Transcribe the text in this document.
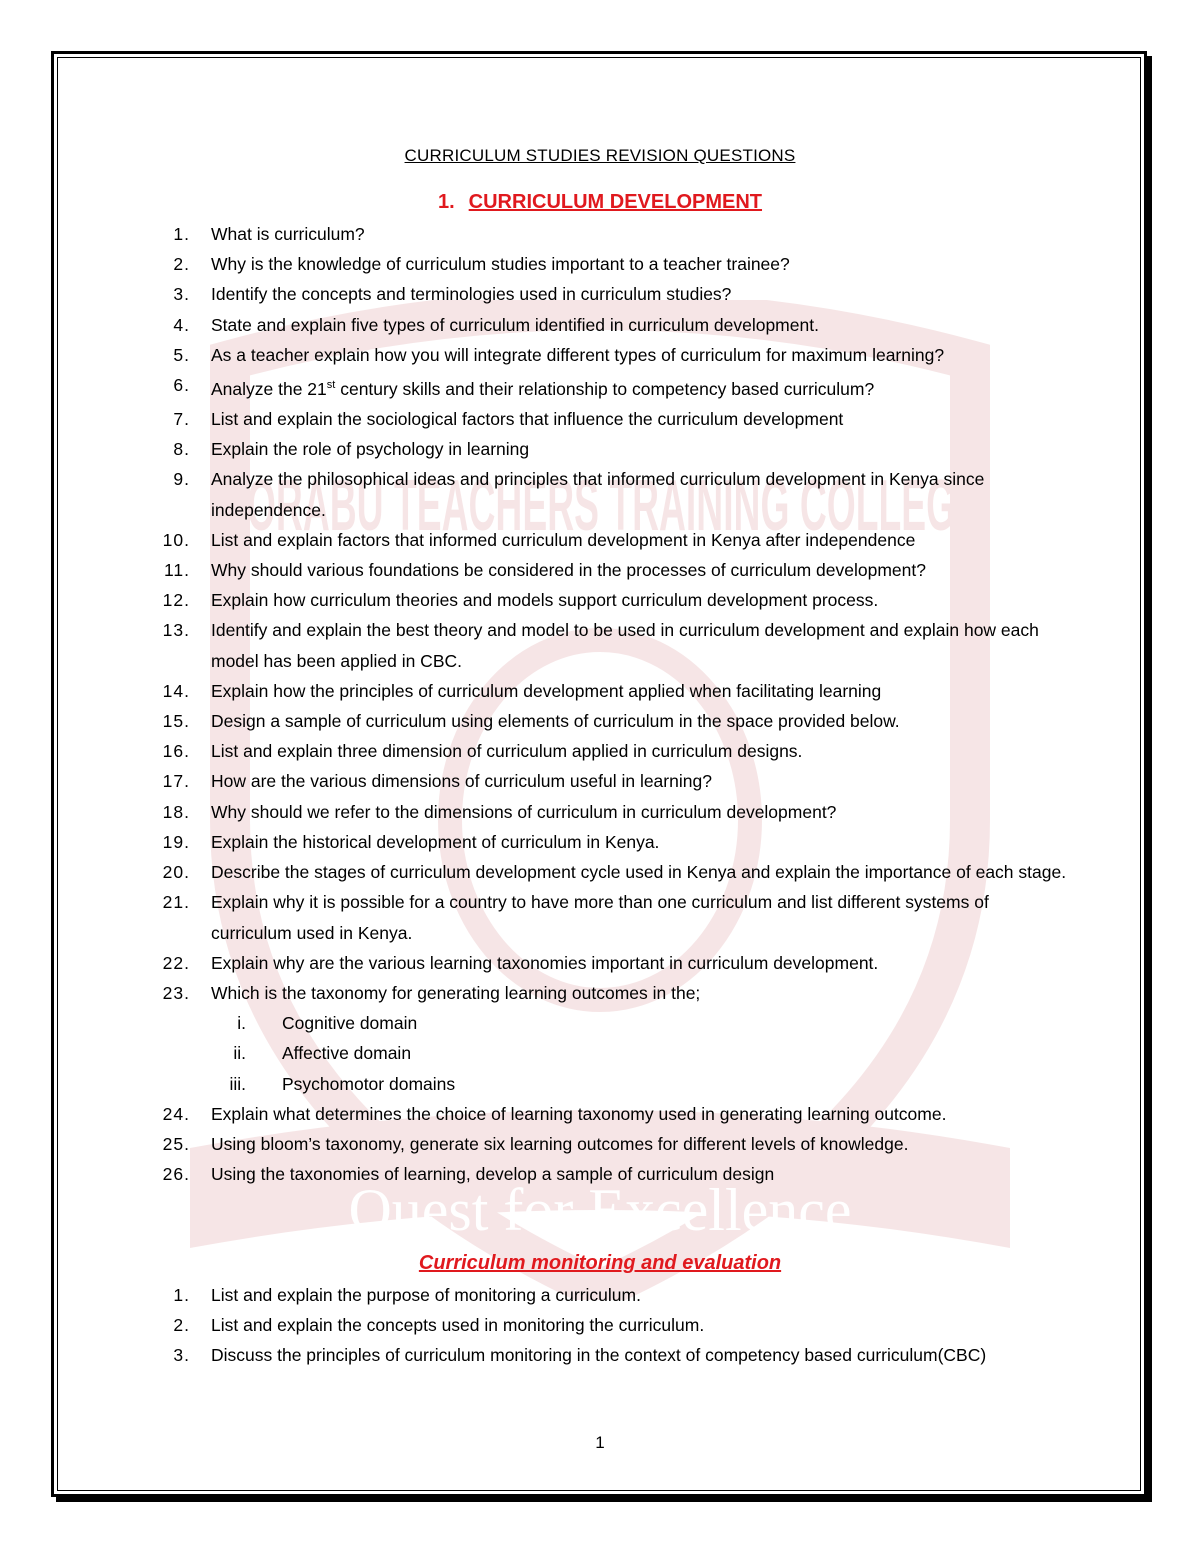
BORABU TEACHERS TRAINING COLLEGE
Quest for Excellence
CURRICULUM STUDIES REVISION QUESTIONS
1. CURRICULUM DEVELOPMENT
1. What is curriculum?
2. Why is the knowledge of curriculum studies important to a teacher trainee?
3. Identify the concepts and terminologies used in curriculum studies?
4. State and explain five types of curriculum identified in curriculum development.
5. As a teacher explain how you will integrate different types of curriculum for maximum learning?
6. Analyze the 21st century skills and their relationship to competency based curriculum?
7. List and explain the sociological factors that influence the curriculum development
8. Explain the role of psychology in learning
9. Analyze the philosophical ideas and principles that informed curriculum development in Kenya since independence.
10. List and explain factors that informed curriculum development in Kenya after independence
11. Why should various foundations be considered in the processes of curriculum development?
12. Explain how curriculum theories and models support curriculum development process.
13. Identify and explain the best theory and model to be used in curriculum development and explain how each model has been applied in CBC.
14. Explain how the principles of curriculum development applied when facilitating learning
15. Design a sample of curriculum using elements of curriculum in the space provided below.
16. List and explain three dimension of curriculum applied in curriculum designs.
17. How are the various dimensions of curriculum useful in learning?
18. Why should we refer to the dimensions of curriculum in curriculum development?
19. Explain the historical development of curriculum in Kenya.
20. Describe the stages of curriculum development cycle used in Kenya and explain the importance of each stage.
21. Explain why it is possible for a country to have more than one curriculum and list different systems of curriculum used in Kenya.
22. Explain why are the various learning taxonomies important in curriculum development.
23. Which is the taxonomy for generating learning outcomes in the;
i. Cognitive domain
ii. Affective domain
iii. Psychomotor domains
24. Explain what determines the choice of learning taxonomy used in generating learning outcome.
25. Using bloom’s taxonomy, generate six learning outcomes for different levels of knowledge.
26. Using the taxonomies of learning, develop a sample of curriculum design
Curriculum monitoring and evaluation
1. List and explain the purpose of monitoring a curriculum.
2. List and explain the concepts used in monitoring the curriculum.
3. Discuss the principles of curriculum monitoring in the context of competency based curriculum(CBC)
1
